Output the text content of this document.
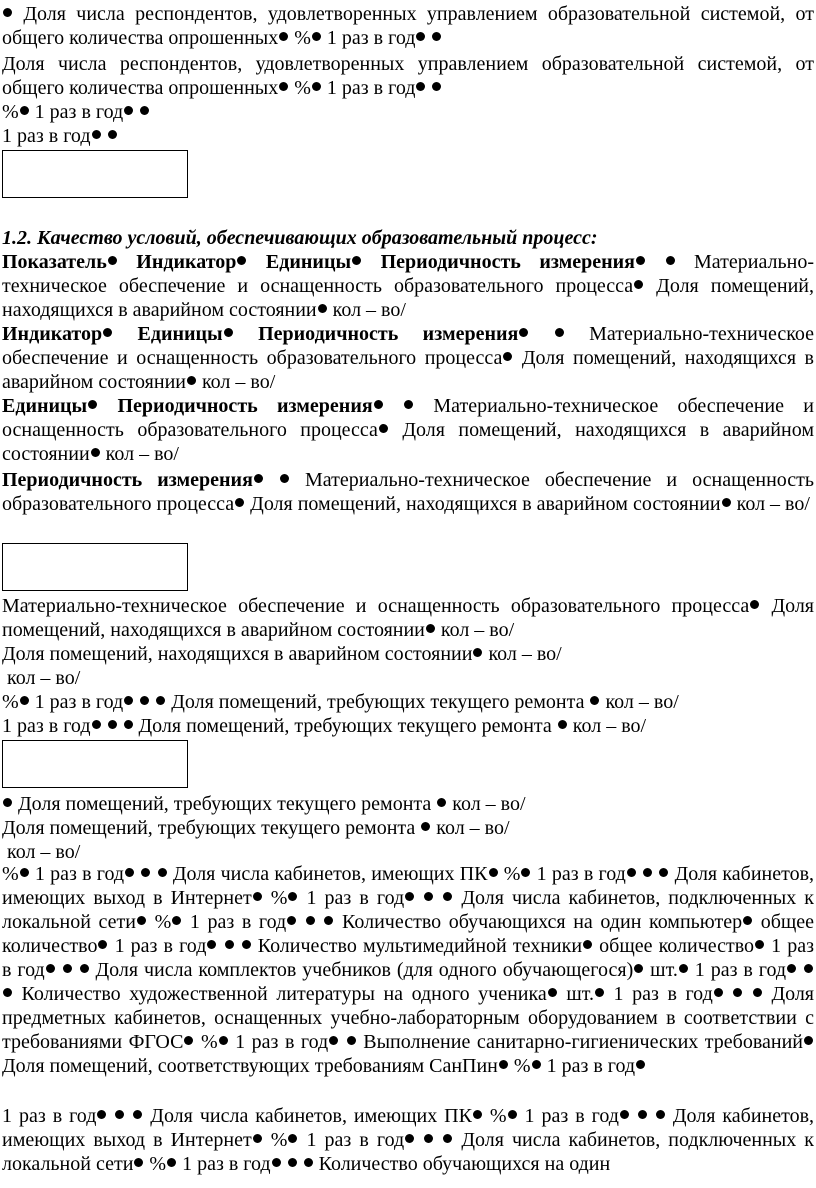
Доля числа респондентов, удовлетворенных управлением образовательной системой, от общего количества опрошенных % 1 раз в год

Доля числа респондентов, удовлетворенных управлением образовательной системой, от общего количества опрошенных % 1 раз в год

% 1 раз в год

1 раз в год

1.2. Качество условий, обеспечивающих образовательный процесс:

Показатель Индикатор Единицы Периодичность измерения  Материально-техническое обеспечение и оснащенность образовательного процесса Доля помещений, находящихся в аварийном состоянии кол – во/

Индикатор Единицы Периодичность измерения  Материально-техническое обеспечение и оснащенность образовательного процесса Доля помещений, находящихся в аварийном состоянии кол – во/

Единицы Периодичность измерения  Материально-техническое обеспечение и оснащенность образовательного процесса Доля помещений, находящихся в аварийном состоянии кол – во/

Периодичность измерения  Материально-техническое обеспечение и оснащенность образовательного процесса Доля помещений, находящихся в аварийном состоянии кол – во/

Материально-техническое обеспечение и оснащенность образовательного процесса Доля помещений, находящихся в аварийном состоянии кол – во/

Доля помещений, находящихся в аварийном состоянии кол – во/

кол – во/

% 1 раз в год   Доля помещений, требующих текущего ремонта  кол – во/

1 раз в год   Доля помещений, требующих текущего ремонта  кол – во/

Доля помещений, требующих текущего ремонта  кол – во/

Доля помещений, требующих текущего ремонта  кол – во/

кол – во/

% 1 раз в год   Доля числа кабинетов, имеющих ПК % 1 раз в год   Доля кабинетов, имеющих выход в Интернет % 1 раз в год   Доля числа кабинетов, подключенных к локальной сети % 1 раз в год   Количество обучающихся на один компьютер общее количество 1 раз в год   Количество мультимедийной техники общее количество 1 раз в год   Доля числа комплектов учебников (для одного обучающегося) шт. 1 раз в год   Количество художественной литературы на одного ученика шт. 1 раз в год	Доля предметных кабинетов, оснащенных учебно-лабораторным оборудованием в соответствии с требованиями ФГОС % 1 раз в год  Выполнение санитарно-гигиенических требований Доля помещений, соответствующих требованиям СанПин % 1 раз в год

1 раз в год   Доля числа кабинетов, имеющих ПК % 1 раз в год   Доля кабинетов, имеющих выход в Интернет % 1 раз в год   Доля числа кабинетов, подключенных к локальной сети % 1 раз в год   Количество обучающихся на один
